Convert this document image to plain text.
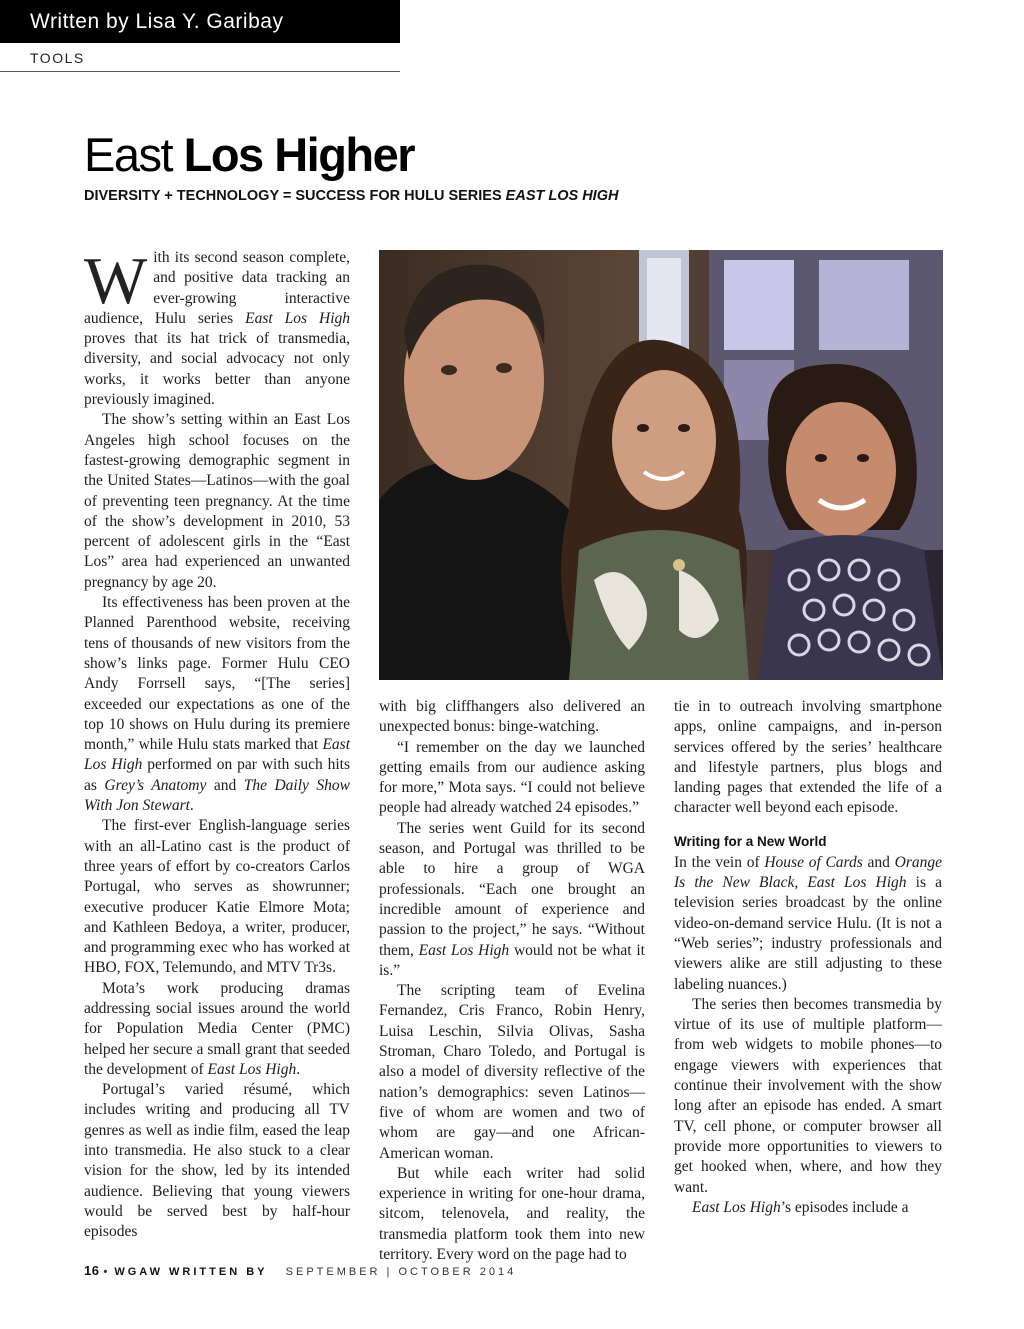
Written by Lisa Y. Garibay
TOOLS
East Los Higher
DIVERSITY + TECHNOLOGY = SUCCESS FOR HULU SERIES EAST LOS HIGH

With its second season complete, and positive data tracking an ever-growing interactive audience, Hulu series East Los High proves that its hat trick of transmedia, diversity, and social advocacy not only works, it works better than anyone previously imagined.

The show’s setting within an East Los Angeles high school focuses on the fastest-growing demographic segment in the United States—Latinos—with the goal of preventing teen pregnancy. At the time of the show’s development in 2010, 53 percent of adolescent girls in the “East Los” area had experienced an unwanted pregnancy by age 20.

Its effectiveness has been proven at the Planned Parenthood website, receiving tens of thousands of new visitors from the show’s links page. Former Hulu CEO Andy Forrsell says, “[The series] exceeded our expectations as one of the top 10 shows on Hulu during its premiere month,” while Hulu stats marked that East Los High performed on par with such hits as Grey’s Anatomy and The Daily Show With Jon Stewart.

The first-ever English-language series with an all-Latino cast is the product of three years of effort by co-creators Carlos Portugal, who serves as showrunner; executive producer Katie Elmore Mota; and Kathleen Bedoya, a writer, producer, and programming exec who has worked at HBO, FOX, Telemundo, and MTV Tr3s.

Mota’s work producing dramas addressing social issues around the world for Population Media Center (PMC) helped her secure a small grant that seeded the development of East Los High.

Portugal’s varied résumé, which includes writing and producing all TV genres as well as indie film, eased the leap into transmedia. He also stuck to a clear vision for the show, led by its intended audience. Believing that young viewers would be served best by half-hour episodes

with big cliffhangers also delivered an unexpected bonus: binge-watching.

“I remember on the day we launched getting emails from our audience asking for more,” Mota says. “I could not believe people had already watched 24 episodes.”

The series went Guild for its second season, and Portugal was thrilled to be able to hire a group of WGA professionals. “Each one brought an incredible amount of experience and passion to the project,” he says. “Without them, East Los High would not be what it is.”

The scripting team of Evelina Fernandez, Cris Franco, Robin Henry, Luisa Leschin, Silvia Olivas, Sasha Stroman, Charo Toledo, and Portugal is also a model of diversity reflective of the nation’s demographics: seven Latinos—five of whom are women and two of whom are gay—and one African-American woman.

But while each writer had solid experience in writing for one-hour drama, sitcom, telenovela, and reality, the transmedia platform took them into new territory. Every word on the page had to

tie in to outreach involving smartphone apps, online campaigns, and in-person services offered by the series’ healthcare and lifestyle partners, plus blogs and landing pages that extended the life of a character well beyond each episode.

Writing for a New World

In the vein of House of Cards and Orange Is the New Black, East Los High is a television series broadcast by the online video-on-demand service Hulu. (It is not a “Web series”; industry professionals and viewers alike are still adjusting to these labeling nuances.)

The series then becomes transmedia by virtue of its use of multiple platform—from web widgets to mobile phones—to engage viewers with experiences that continue their involvement with the show long after an episode has ended. A smart TV, cell phone, or computer browser all provide more opportunities to viewers to get hooked when, where, and how they want.

East Los High’s episodes include a

16 • WGAW WRITTEN BY SEPTEMBER | OCTOBER 2014
